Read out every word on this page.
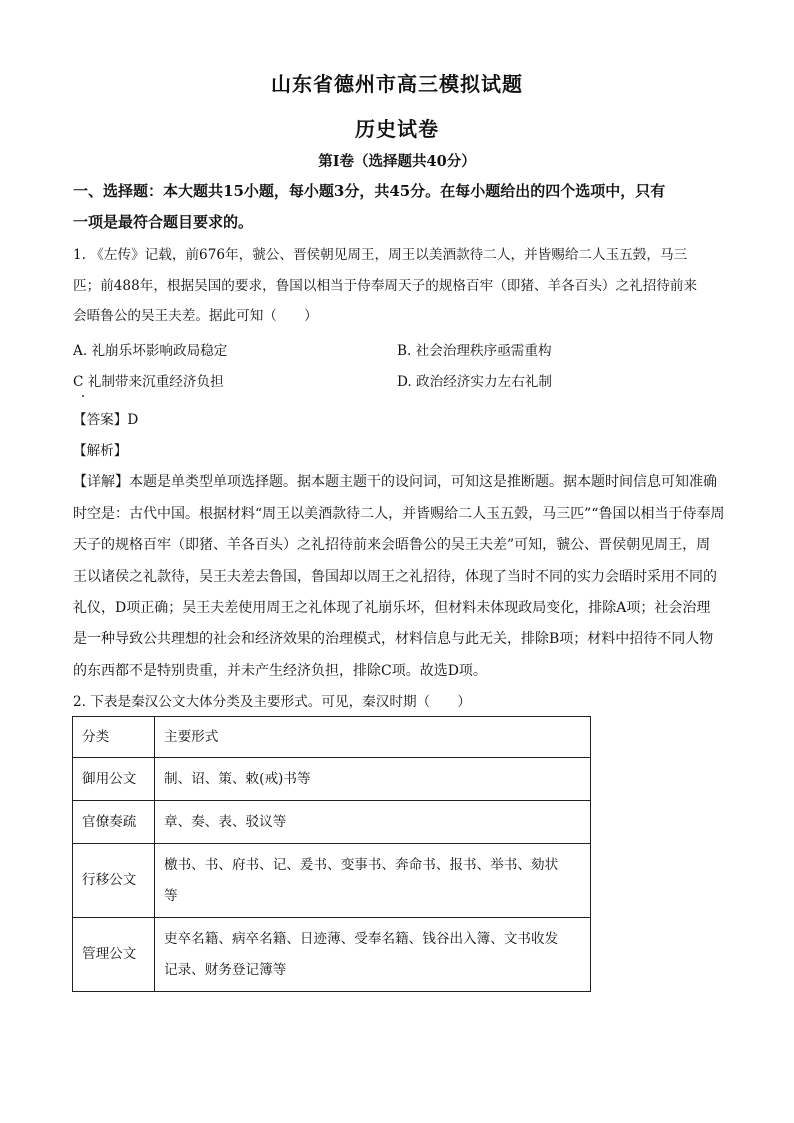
山东省德州市高三模拟试题
历史试卷
第Ⅰ卷（选择题共40分）
一、选择题：本大题共15小题，每小题3分，共45分。在每小题给出的四个选项中，只有
一项是最符合题目要求的。
1. 《左传》记载，前676年，虢公、晋侯朝见周王，周王以美酒款待二人，并皆赐给二人玉五瑴，马三
匹；前488年，根据吴国的要求，鲁国以相当于侍奉周天子的规格百牢（即猪、羊各百头）之礼招待前来
会晤鲁公的吴王夫差。据此可知（　　）
A. 礼崩乐坏影响政局稳定	B. 社会治理秩序亟需重构
C 礼制带来沉重经济负担	D. 政治经济实力左右礼制
【答案】D
【解析】
【详解】本题是单类型单项选择题。据本题主题干的设问词，可知这是推断题。据本题时间信息可知准确
时空是：古代中国。根据材料“周王以美酒款待二人，并皆赐给二人玉五瑴，马三匹”“鲁国以相当于侍奉周
天子的规格百牢（即猪、羊各百头）之礼招待前来会晤鲁公的吴王夫差”可知，虢公、晋侯朝见周王，周
王以诸侯之礼款待，吴王夫差去鲁国，鲁国却以周王之礼招待，体现了当时不同的实力会晤时采用不同的
礼仪，D项正确；吴王夫差使用周王之礼体现了礼崩乐坏，但材料未体现政局变化，排除A项；社会治理
是一种导致公共理想的社会和经济效果的治理模式，材料信息与此无关，排除B项；材料中招待不同人物
的东西都不是特别贵重，并未产生经济负担，排除C项。故选D项。
2. 下表是秦汉公文大体分类及主要形式。可见，秦汉时期（　　）
分类	主要形式
御用公文	制、诏、策、敕(戒)书等
官僚奏疏	章、奏、表、驳议等
行移公文	檄书、书、府书、记、爰书、变事书、奔命书、报书、举书、劾状
等

管理公文	吏卒名籍、病卒名籍、日迹薄、受奉名籍、钱谷出入簿、文书收发
记录、财务登记簿等
